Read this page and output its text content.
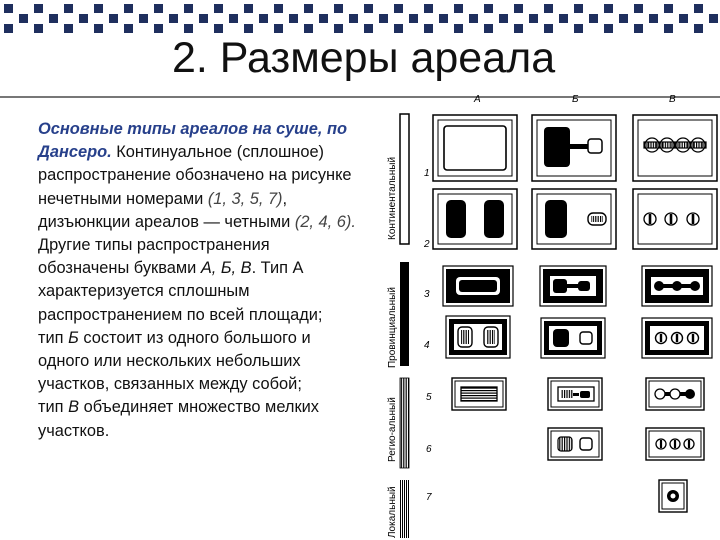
2. Размеры ареала
Основные типы ареалов на суше, по Дансеро. Континуальное (сплошное) распространение обозначено на рисунке нечетными номерами (1, 3, 5, 7), дизъюнкции ареалов — четными (2, 4, 6).
Другие типы распространения обозначены буквами А, Б, В. Тип А характеризуется сплошным распространением по всей площади;
тип Б состоит из одного большого и одного или нескольких небольших участков, связанных между собой;
тип В объединяет множество мелких участков.
А	Б	В
Континентальный
Провинциальный
Регио-альный
Локальный
1
2
3
4
5
6
7
